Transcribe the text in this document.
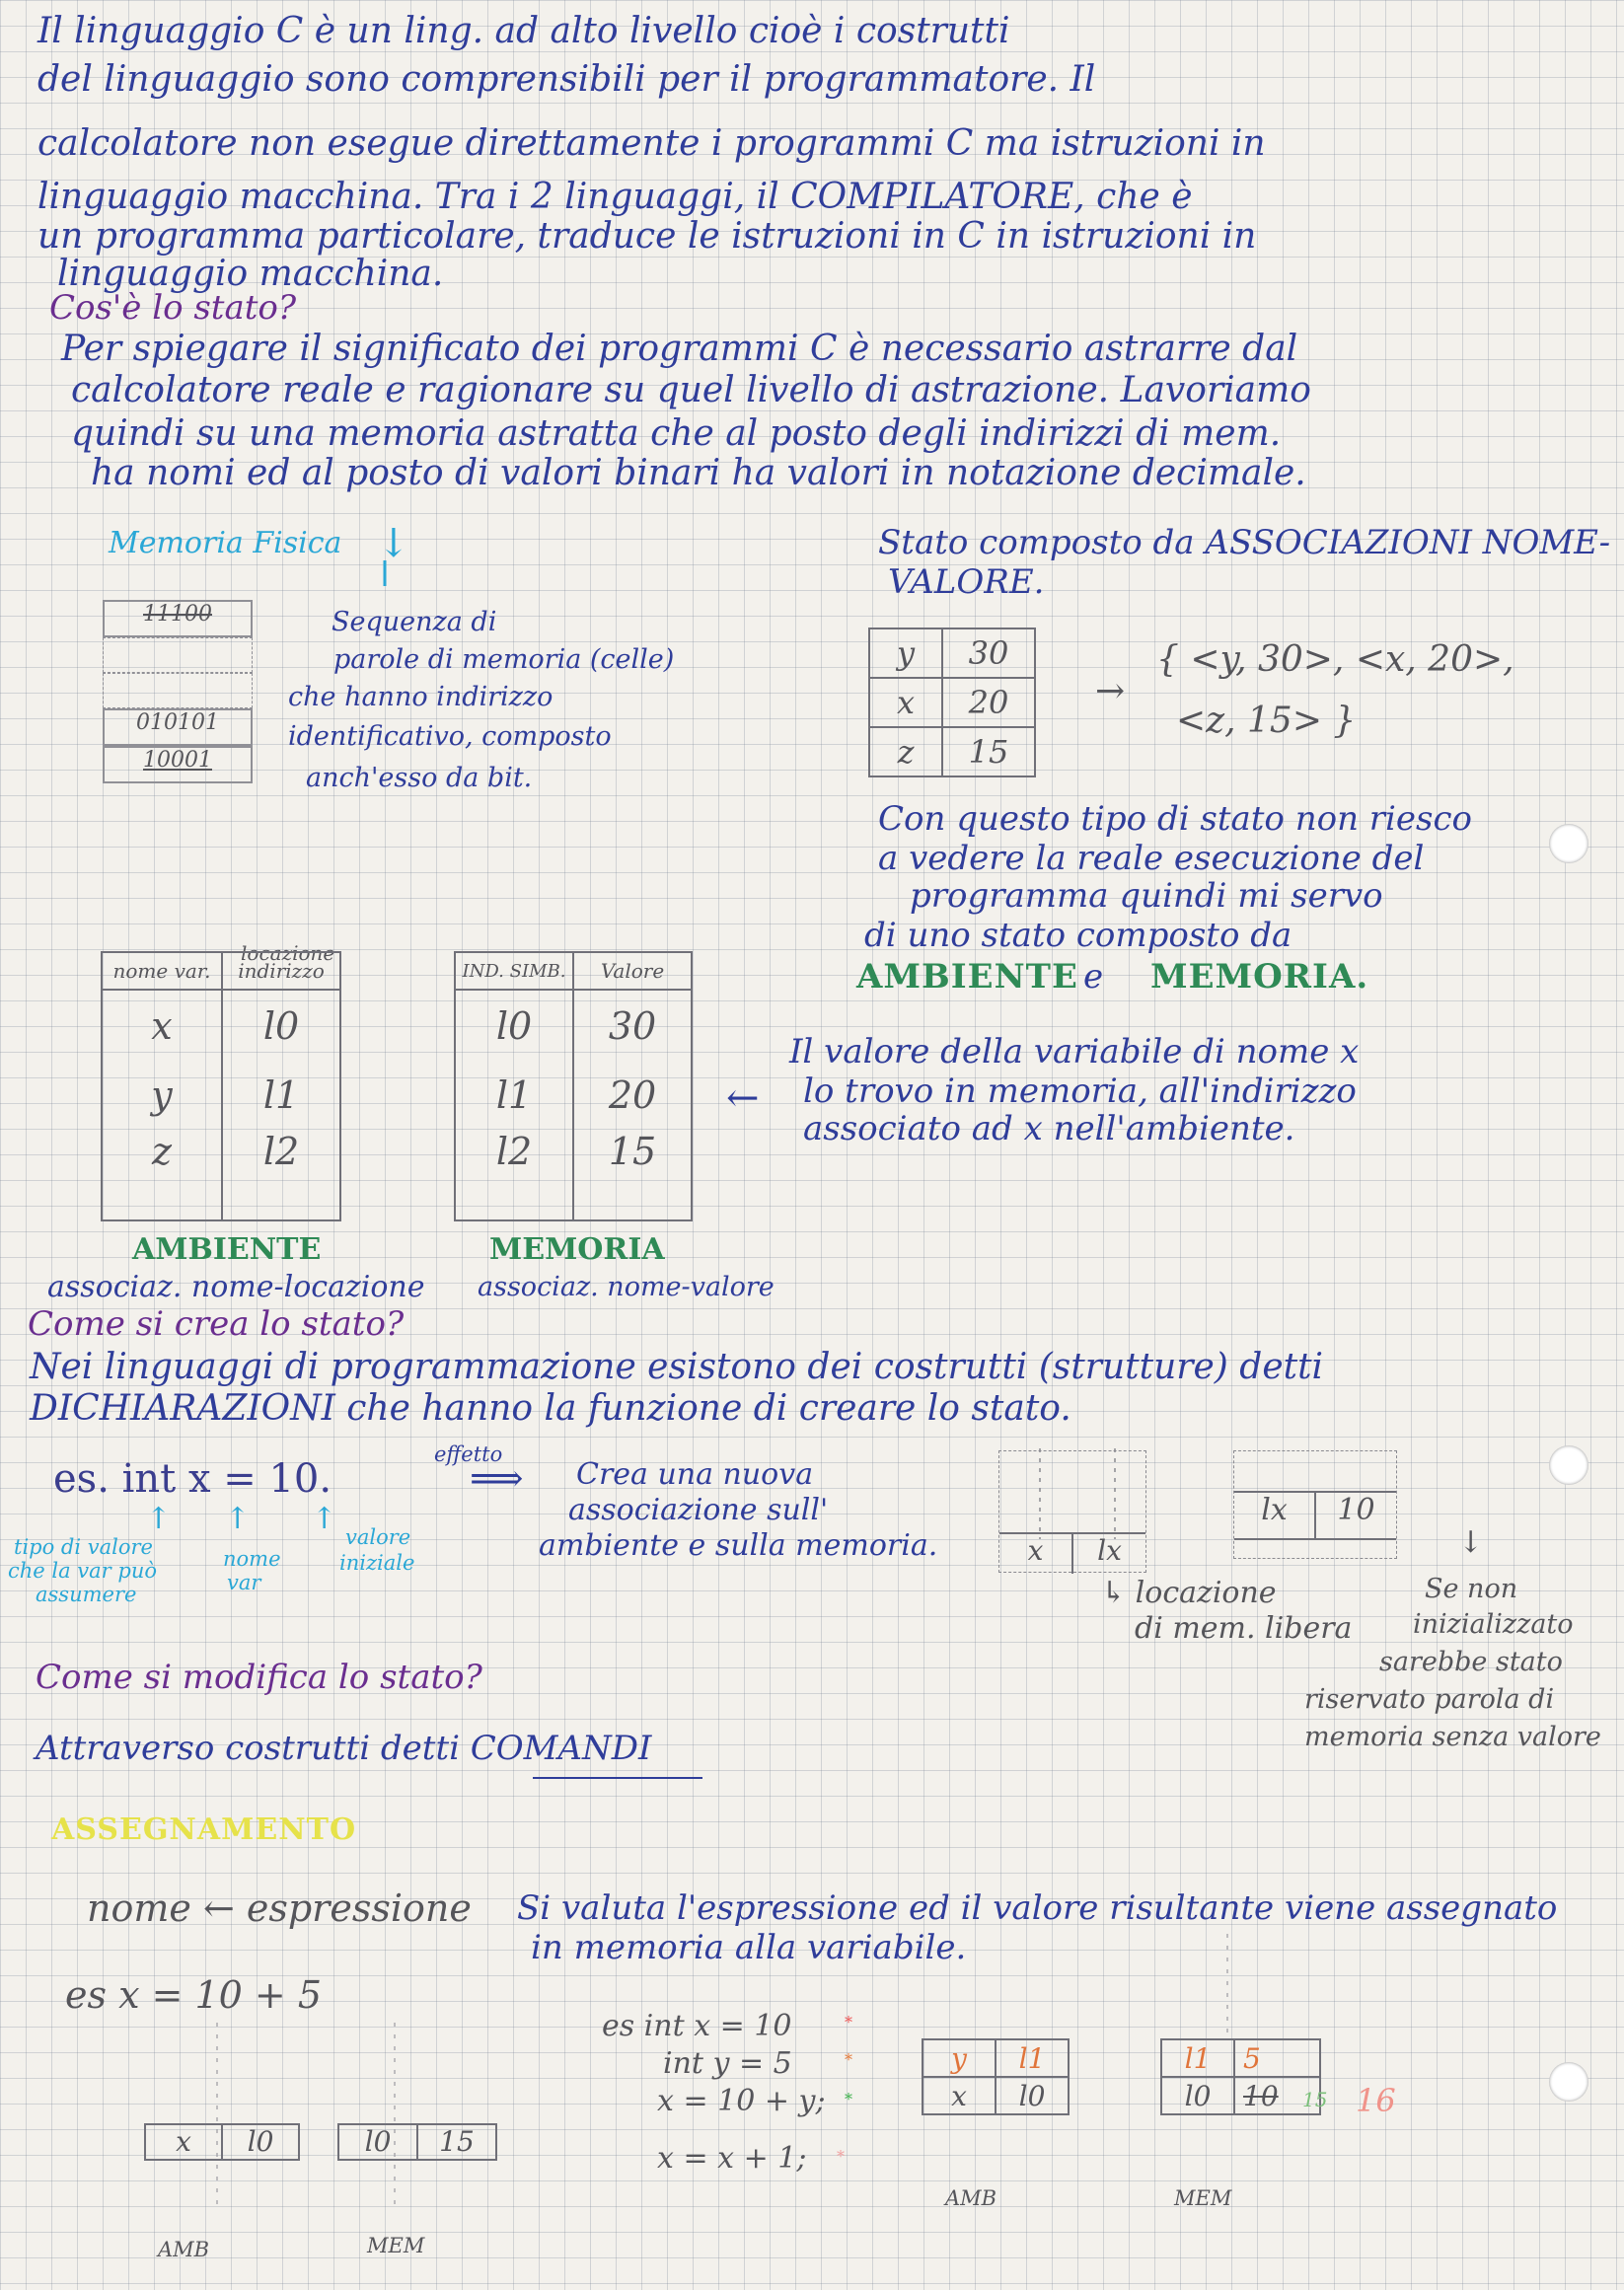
Il linguaggio C è un ling. ad alto livello cioè i costrutti

del linguaggio sono comprensibili per il programmatore. Il

calcolatore non esegue direttamente i programmi C ma istruzioni in

linguaggio macchina. Tra i 2 linguaggi, il COMPILATORE, che è

un programma particolare, traduce le istruzioni in C in istruzioni in

linguaggio macchina.

Cos'è lo stato?

Per spiegare il significato dei programmi C è necessario astrarre dal

calcolatore reale e ragionare su quel livello di astrazione. Lavoriamo

quindi su una memoria astratta che al posto degli indirizzi di mem.

ha nomi ed al posto di valori binari ha valori in notazione decimale.

Memoria Fisica ↓

11100
010101
10001

Sequenza di

parole di memoria (celle)

che hanno indirizzo

identificativo, composto

anch'esso da bit.

Stato composto da ASSOCIAZIONI NOME-

VALORE.

y	30
x	20
z	15

→

{ <y, 30>, <x, 20>,

<z, 15> }

Con questo tipo di stato non riesco

a vedere la reale esecuzione del

programma quindi mi servo

di uno stato composto da

AMBIENTE e MEMORIA.

locazione

nome var.	indirizzo
x	l0
y	l1
z	l2

AMBIENTE

associaz. nome-locazione

IND. SIMB.	Valore
l0	30
l1	20
l2	15

MEMORIA

associaz. nome-valore

←

Il valore della variabile di nome x

lo trovo in memoria, all'indirizzo

associato ad x nell'ambiente.

Come si crea lo stato?

Nei linguaggi di programmazione esistono dei costrutti (strutture) detti

DICHIARAZIONI che hanno la funzione di creare lo stato.

es. int x = 10.

effetto

⟹ Crea una nuova

associazione sull'

ambiente e sulla memoria.

↑ ↑ ↑

tipo di valore

che la var può

assumere

nome

var

valore

iniziale	x	lx
lx	10

↳ locazione

di mem. libera

↓

Se non

inizializzato

sarebbe stato

riservato parola di

memoria senza valore

Come si modifica lo stato?

Attraverso costrutti detti COMANDI

ASSEGNAMENTO

nome ← espressione Si valuta l'espressione ed il valore risultante viene assegnato

in memoria alla variabile.

es x = 10 + 5

x	l0	l0	15

AMB	MEM

es int x = 10

int y = 5

x = 10 + y;

x = x + 1;

*

*

*

*

y	l1
x	l0
l1	5
l0	10 15 16

AMB	MEM
